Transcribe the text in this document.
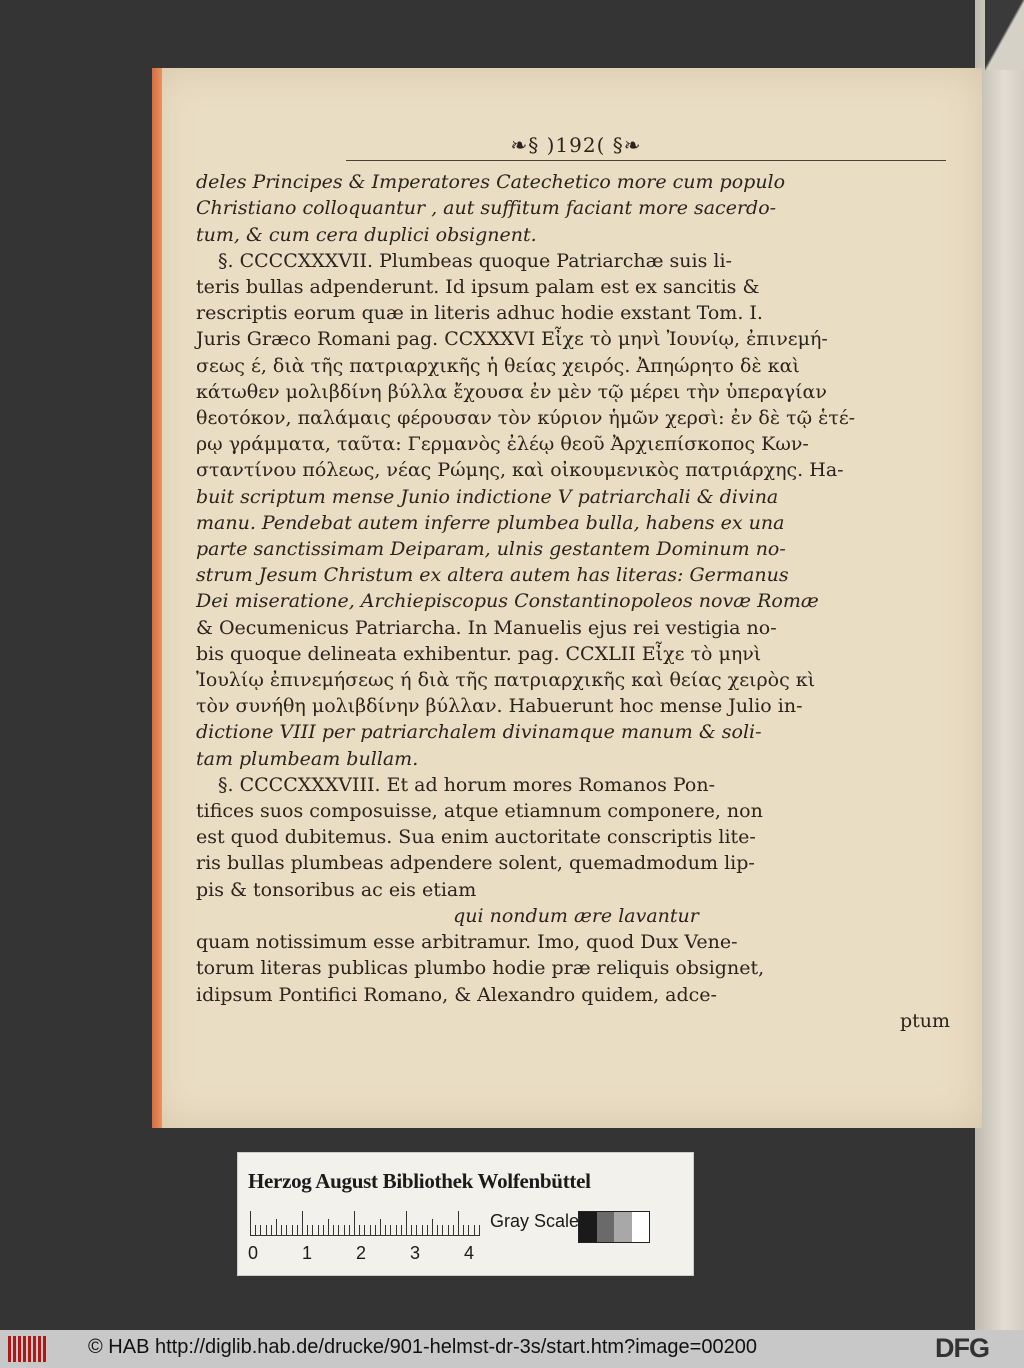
❧§ )192( §❧

deles Principes & Imperatores Catechetico more cum populo

Christiano colloquantur , aut suffitum faciant more sacerdo-

tum, & cum cera duplici obsignent.

§. CCCCXXXVII. Plumbeas quoque Patriarchæ suis li-

teris bullas adpenderunt. Id ipsum palam est ex sancitis &

rescriptis eorum quæ in literis adhuc hodie exstant Tom. I.

Juris Græco Romani pag. CCXXXVI Εἶχε τὸ μηνὶ Ἰουνίῳ, ἐπινεμή-

σεως έ, διὰ τῆς πατριαρχικῆς ἡ θείας χειρός. Ἀπηώρητο δὲ καὶ

κάτωθεν μολιβδίνη βύλλα ἔχουσα ἐν μὲν τῷ μέρει τὴν ὑπεραγίαν

θεοτόκον, παλάμαις φέρουσαν τὸν κύριον ἡμῶν χερσὶ: ἐν δὲ τῷ ἑτέ-

ρῳ γράμματα, ταῦτα: Γερμανὸς ἐλέῳ θεοῦ Ἀρχιεπίσκοπος Κων-

σταντίνου πόλεως, νέας Ρώμης, καὶ οἰκουμενικὸς πατριάρχης. Ha-

buit scriptum mense Junio indictione V patriarchali & divina

manu. Pendebat autem inferre plumbea bulla, habens ex una

parte sanctissimam Deiparam, ulnis gestantem Dominum no-

strum Jesum Christum ex altera autem has literas: Germanus

Dei miseratione, Archiepiscopus Constantinopoleos novæ Romæ

& Oecumenicus Patriarcha. In Manuelis ejus rei vestigia no-

bis quoque delineata exhibentur. pag. CCXLII Εἶχε τὸ μηνὶ

Ἰουλίῳ ἐπινεμήσεως ή διὰ τῆς πατριαρχικῆς καὶ θείας χειρὸς κὶ

τὸν συνήθη μολιβδίνην βύλλαν. Habuerunt hoc mense Julio in-

dictione VIII per patriarchalem divinamque manum & soli-

tam plumbeam bullam.

§. CCCCXXXVIII. Et ad horum mores Romanos Pon-

tifices suos composuisse, atque etiamnum componere, non

est quod dubitemus. Sua enim auctoritate conscriptis lite-

ris bullas plumbeas adpendere solent, quemadmodum lip-

pis & tonsoribus ac eis etiam

qui nondum ære lavantur

quam notissimum esse arbitramur. Imo, quod Dux Vene-

torum literas publicas plumbo hodie præ reliquis obsignet,

idipsum Pontifici Romano, & Alexandro quidem, adce-

ptum

Herzog August Bibliothek Wolfenbüttel
0 1 2 3 4
Gray Scale
© HAB http://diglib.hab.de/drucke/901-helmst-dr-3s/start.htm?image=00200	DFG
